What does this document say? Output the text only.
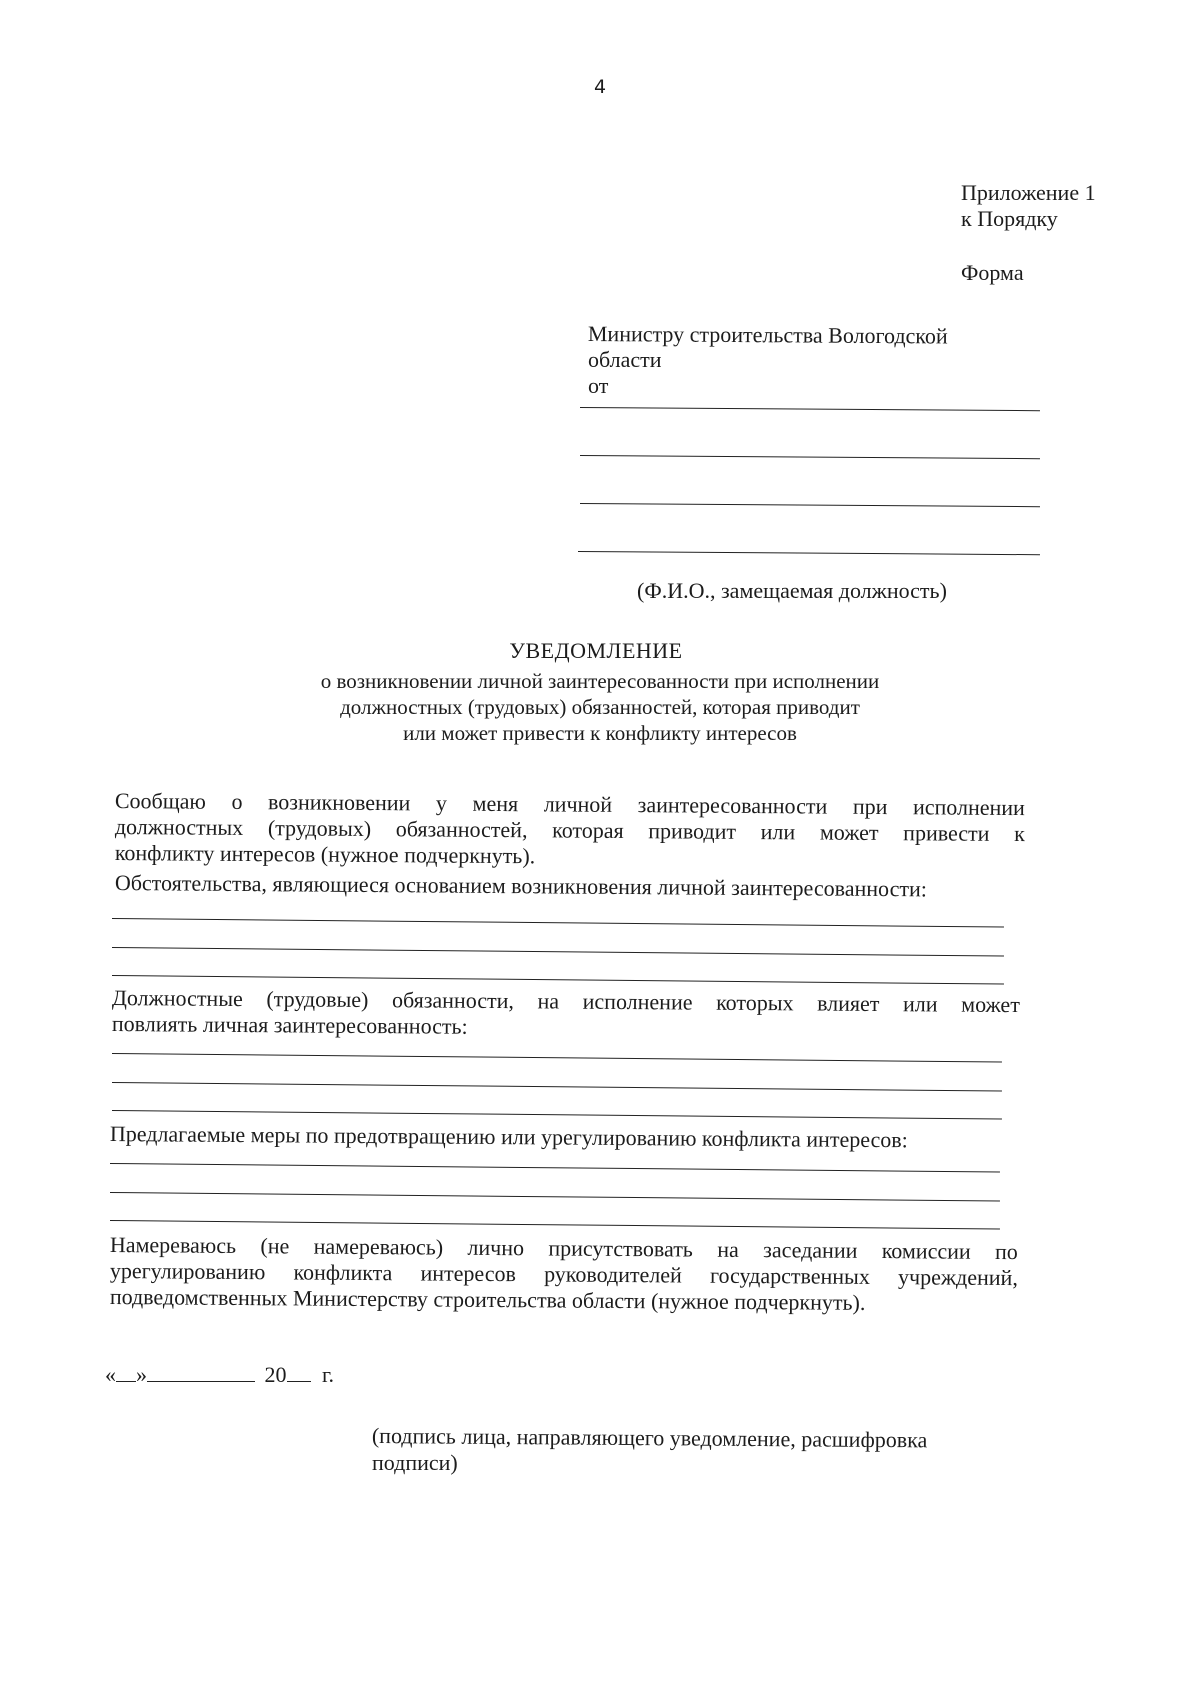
4
Приложение 1
к Порядку
Форма
Министру строительства Вологодской
области
от
(Ф.И.О., замещаемая должность)
УВЕДОМЛЕНИЕ
о возникновении личной заинтересованности при исполнении
должностных (трудовых) обязанностей, которая приводит
или может привести к конфликту интересов
Сообщаю о возникновении у меня личной заинтересованности при исполнении
должностных (трудовых) обязанностей, которая приводит или может привести к
конфликту интересов (нужное подчеркнуть).
Обстоятельства, являющиеся основанием возникновения личной заинтересованности:
Должностные (трудовые) обязанности, на исполнение которых влияет или может
повлиять личная заинтересованность:
Предлагаемые меры по предотвращению или урегулированию конфликта интересов:
Намереваюсь (не намереваюсь) лично присутствовать на заседании комиссии по
урегулированию конфликта интересов руководителей государственных учреждений,
подведомственных Министерству строительства области (нужное подчеркнуть).
« »	20 г.
(подпись лица, направляющего уведомление, расшифровка
подписи)
